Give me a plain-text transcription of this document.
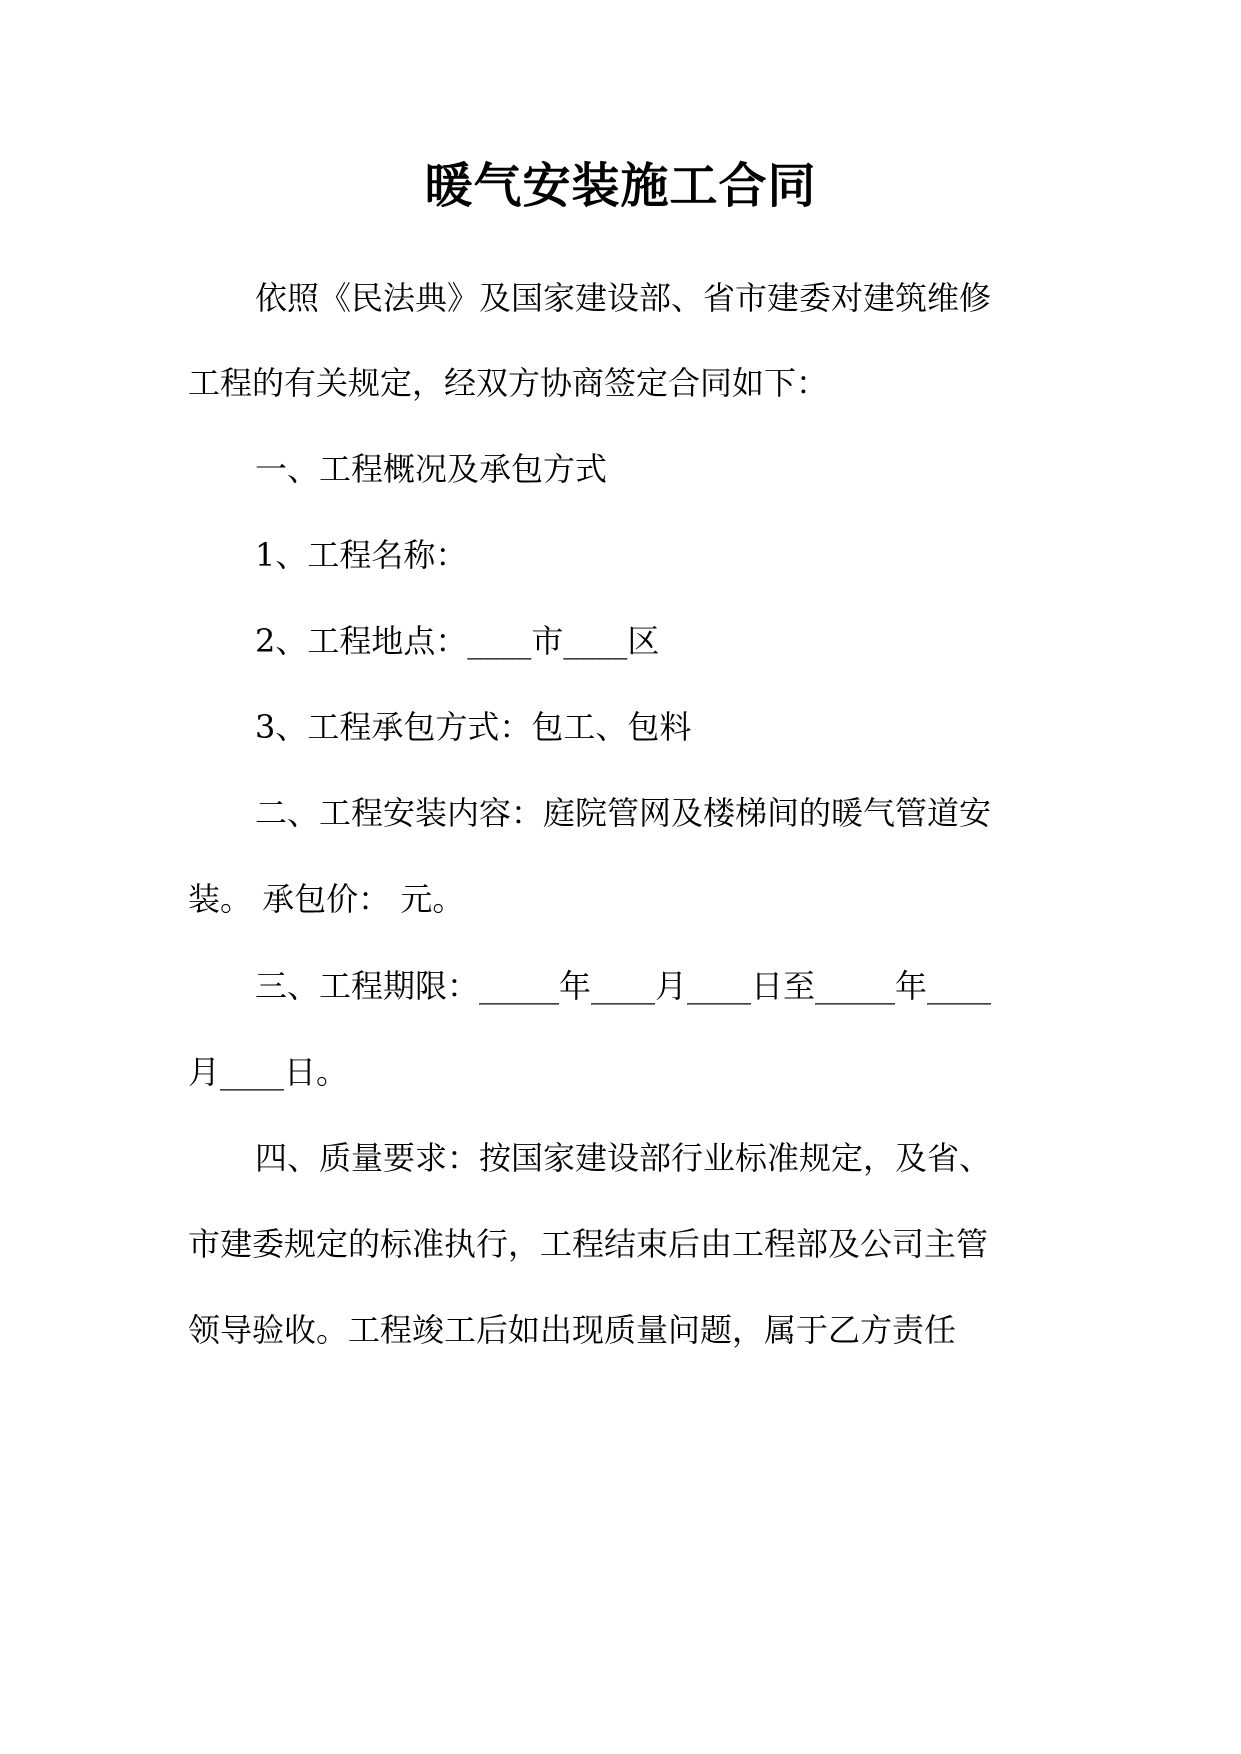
暖气安装施工合同

依照《民法典》及国家建设部、省市建委对建筑维修

工程的有关规定，经双方协商签定合同如下：

一、工程概况及承包方式

1、工程名称：

2、工程地点：____市____区

3、工程承包方式：包工、包料

二、工程安装内容：庭院管网及楼梯间的暖气管道安

装。 承包价： 元。

三、工程期限：_____年____月____日至_____年____

月____日。

四、质量要求：按国家建设部行业标准规定，及省、

市建委规定的标准执行，工程结束后由工程部及公司主管

领导验收。工程竣工后如出现质量问题，属于乙方责任
